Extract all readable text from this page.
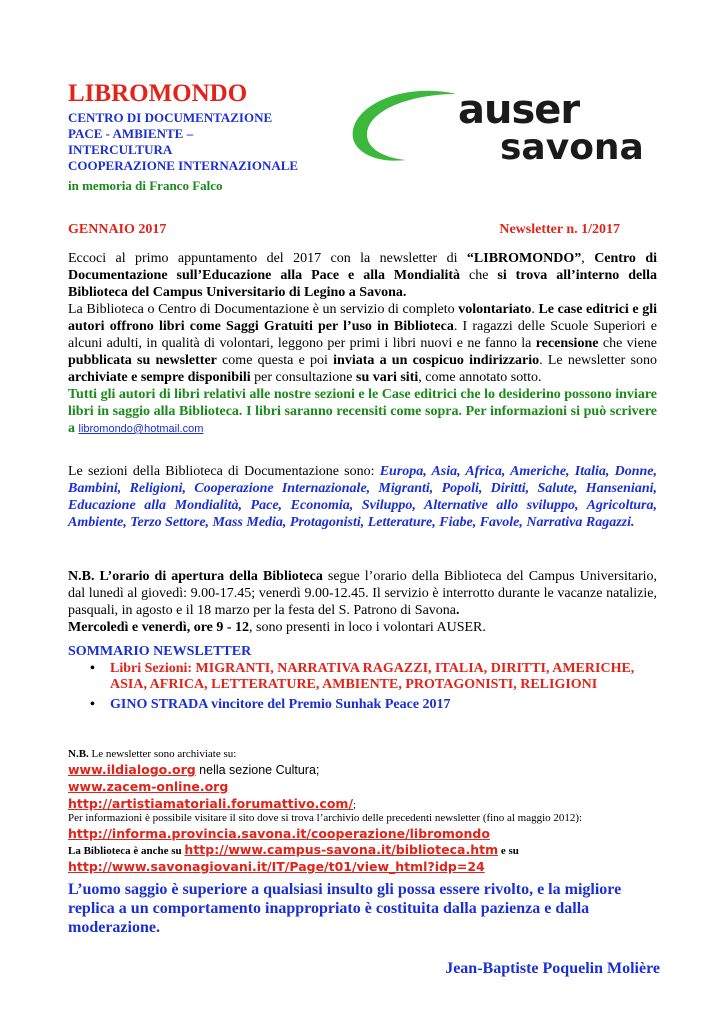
LIBROMONDO
CENTRO DI DOCUMENTAZIONE
PACE - AMBIENTE –
INTERCULTURA
COOPERAZIONE INTERNAZIONALE
in memoria di Franco Falco
auser
savona
GENNAIO 2017	Newsletter n. 1/2017

Eccoci al primo appuntamento del 2017 con la newsletter di “LIBROMONDO”, Centro di Documentazione sull’Educazione alla Pace e alla Mondialità che si trova all’interno della Biblioteca del Campus Universitario di Legino a Savona.

La Biblioteca o Centro di Documentazione è un servizio di completo volontariato. Le case editrici e gli autori offrono libri come Saggi Gratuiti per l’uso in Biblioteca. I ragazzi delle Scuole Superiori e alcuni adulti, in qualità di volontari, leggono per primi i libri nuovi e ne fanno la recensione che viene pubblicata su newsletter come questa e poi inviata a un cospicuo indirizzario. Le newsletter sono archiviate e sempre disponibili per consultazione su vari siti, come annotato sotto.

Tutti gli autori di libri relativi alle nostre sezioni e le Case editrici che lo desiderino possono inviare libri in saggio alla Biblioteca. I libri saranno recensiti come sopra. Per informazioni si può scrivere a libromondo@hotmail.com

Le sezioni della Biblioteca di Documentazione sono: Europa, Asia, Africa, Americhe, Italia, Donne, Bambini, Religioni, Cooperazione Internazionale, Migranti, Popoli, Diritti, Salute, Hanseniani, Educazione alla Mondialità, Pace, Economia, Sviluppo, Alternative allo sviluppo, Agricoltura, Ambiente, Terzo Settore, Mass Media, Protagonisti, Letterature, Fiabe, Favole, Narrativa Ragazzi.

N.B. L’orario di apertura della Biblioteca segue l’orario della Biblioteca del Campus Universitario, dal lunedì al giovedì: 9.00-17.45; venerdì 9.00-12.45. Il servizio è interrotto durante le vacanze natalizie, pasquali, in agosto e il 18 marzo per la festa del S. Patrono di Savona.
Mercoledì e venerdì, ore 9 - 12, sono presenti in loco i volontari AUSER.

SOMMARIO NEWSLETTER
• Libri Sezioni: MIGRANTI, NARRATIVA RAGAZZI, ITALIA, DIRITTI, AMERICHE, ASIA, AFRICA, LETTERATURE, AMBIENTE, PROTAGONISTI, RELIGIONI
• GINO STRADA vincitore del Premio Sunhak Peace 2017
N.B. Le newsletter sono archiviate su:
www.ildialogo.org nella sezione Cultura;
www.zacem-online.org
http://artistiamatoriali.forumattivo.com/;
Per informazioni è possibile visitare il sito dove si trova l’archivio delle precedenti newsletter (fino al maggio 2012):
http://informa.provincia.savona.it/cooperazione/libromondo
La Biblioteca è anche su http://www.campus-savona.it/biblioteca.htm e su
http://www.savonagiovani.it/IT/Page/t01/view_html?idp=24
L’uomo saggio è superiore a qualsiasi insulto gli possa essere rivolto, e la migliore replica a un comportamento inappropriato è costituita dalla pazienza e dalla moderazione.
Jean-Baptiste Poquelin Molière
